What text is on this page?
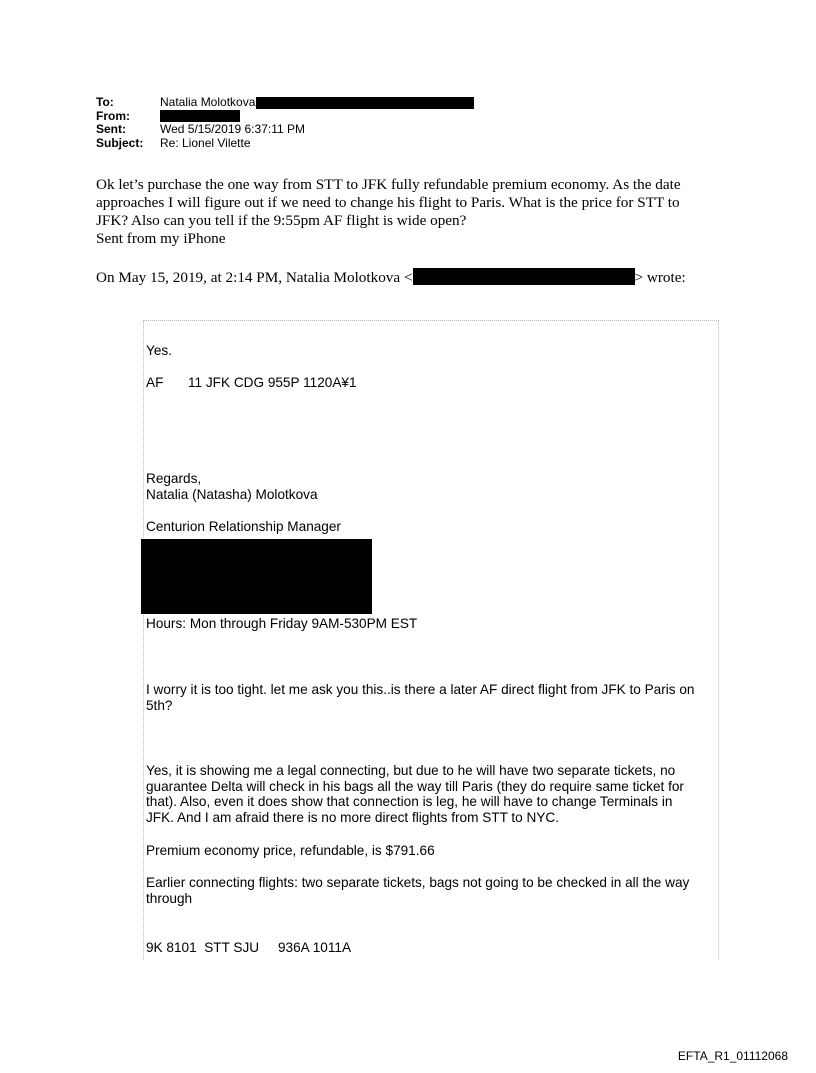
To:	Natalia Molotkova
From:
Sent:	Wed 5/15/2019 6:37:11 PM
Subject:	Re: Lionel Vilette

Ok let’s purchase the one way from STT to JFK fully refundable premium economy. As the date

approaches I will figure out if we need to change his flight to Paris. What is the price for STT to

JFK? Also can you tell if the 9:55pm AF flight is wide open?

Sent from my iPhone

On May 15, 2019, at 2:14 PM, Natalia Molotkova <	> wrote:
Yes.
AF 11 JFK CDG 955P 1120A¥1
Regards,
Natalia (Natasha) Molotkova
Centurion Relationship Manager
Hours: Mon through Friday 9AM-530PM EST
I worry it is too tight. let me ask you this..is there a later AF direct flight from JFK to Paris on
5th?
Yes, it is showing me a legal connecting, but due to he will have two separate tickets, no
guarantee Delta will check in his bags all the way till Paris (they do require same ticket for
that). Also, even it does show that connection is leg, he will have to change Terminals in
JFK. And I am afraid there is no more direct flights from STT to NYC.
Premium economy price, refundable, is $791.66
Earlier connecting flights: two separate tickets, bags not going to be checked in all the way
through
9K 8101  STT SJU     936A 1011A
EFTA_R1_01112068
